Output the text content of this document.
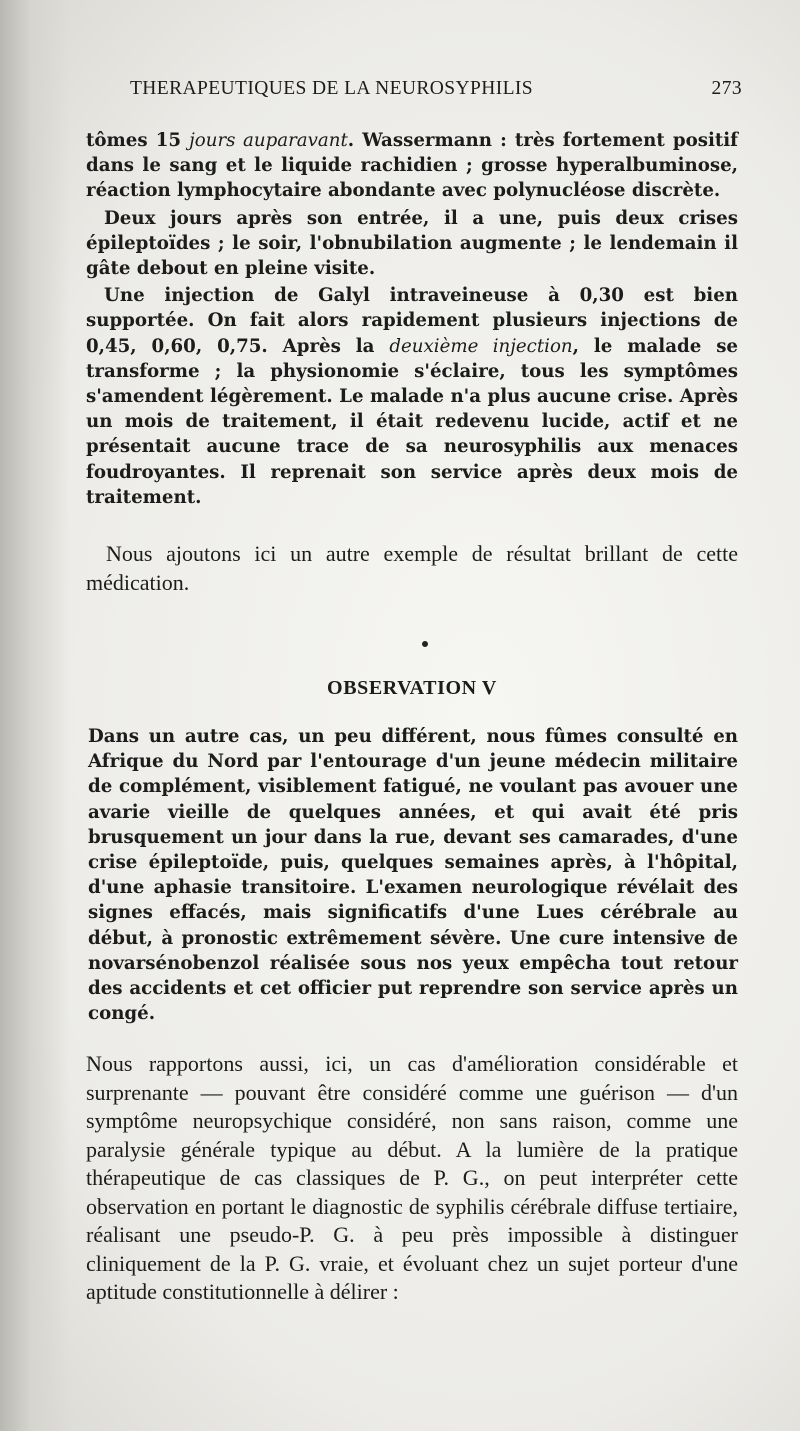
THERAPEUTIQUES DE LA NEUROSYPHILIS	273

tômes 15 jours auparavant. Wassermann : très fortement positif dans le sang et le liquide rachidien ; grosse hyperalbuminose, réaction lymphocytaire abondante avec polynucléose discrète.

Deux jours après son entrée, il a une, puis deux crises épileptoïdes ; le soir, l'obnubilation augmente ; le lendemain il gâte debout en pleine visite.

Une injection de Galyl intraveineuse à 0,30 est bien supportée. On fait alors rapidement plusieurs injections de 0,45, 0,60, 0,75. Après la deuxième injection, le malade se transforme ; la physionomie s'éclaire, tous les symptômes s'amendent légèrement. Le malade n'a plus aucune crise. Après un mois de traitement, il était redevenu lucide, actif et ne présentait aucune trace de sa neurosyphilis aux menaces foudroyantes. Il reprenait son service après deux mois de traitement.

Nous ajoutons ici un autre exemple de résultat brillant de cette médication.

OBSERVATION V

Dans un autre cas, un peu différent, nous fûmes consulté en Afrique du Nord par l'entourage d'un jeune médecin militaire de complément, visiblement fatigué, ne voulant pas avouer une avarie vieille de quelques années, et qui avait été pris brusquement un jour dans la rue, devant ses camarades, d'une crise épileptoïde, puis, quelques semaines après, à l'hôpital, d'une aphasie transitoire. L'examen neurologique révélait des signes effacés, mais significatifs d'une Lues cérébrale au début, à pronostic extrêmement sévère. Une cure intensive de novarsénobenzol réalisée sous nos yeux empêcha tout retour des accidents et cet officier put reprendre son service après un congé.

Nous rapportons aussi, ici, un cas d'amélioration considérable et surprenante — pouvant être considéré comme une guérison — d'un symptôme neuropsychique considéré, non sans raison, comme une paralysie générale typique au début. A la lumière de la pratique thérapeutique de cas classiques de P. G., on peut interpréter cette observation en portant le diagnostic de syphilis cérébrale diffuse tertiaire, réalisant une pseudo-P. G. à peu près impossible à distinguer cliniquement de la P. G. vraie, et évoluant chez un sujet porteur d'une aptitude constitutionnelle à délirer :
